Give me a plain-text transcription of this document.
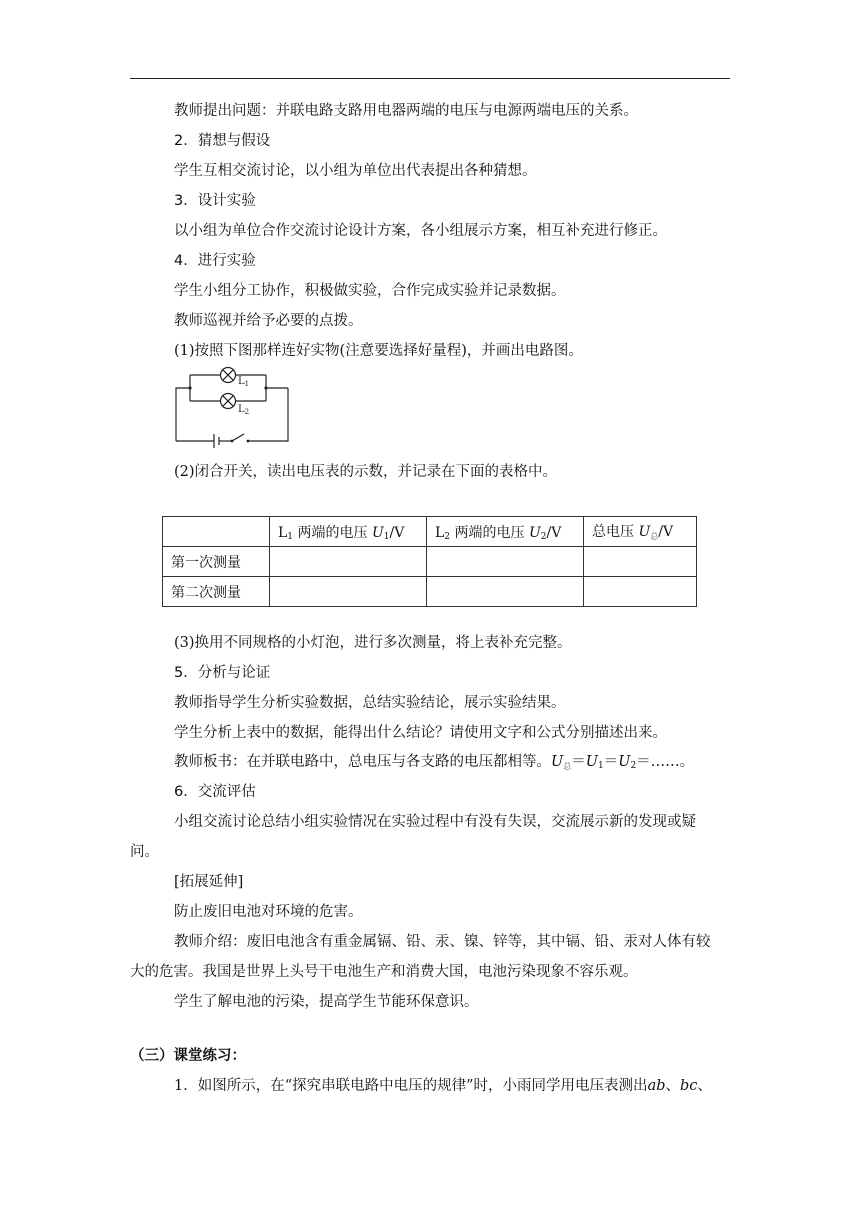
教师提出问题：并联电路支路用电器两端的电压与电源两端电压的关系。
2．猜想与假设
学生互相交流讨论，以小组为单位出代表提出各种猜想。
3．设计实验
以小组为单位合作交流讨论设计方案，各小组展示方案，相互补充进行修正。
4．进行实验
学生小组分工协作，积极做实验，合作完成实验并记录数据。
教师巡视并给予必要的点拨。
(1)按照下图那样连好实物(注意要选择好量程)，并画出电路图。
$L_1$
$L_2$
(2)闭合开关，读出电压表的示数，并记录在下面的表格中。
	$L_1$ 两端的电压 $U_1/V$	$L_2$ 两端的电压 $U_2/V$	总电压 $U_总/V$
第一次测量			
第二次测量			
(3)换用不同规格的小灯泡，进行多次测量，将上表补充完整。
5．分析与论证
教师指导学生分析实验数据，总结实验结论，展示实验结果。
学生分析上表中的数据，能得出什么结论？请使用文字和公式分别描述出来。
教师板书：在并联电路中，总电压与各支路的电压都相等。$U_总=U_1=U_2=\dots\dots$。
6．交流评估
小组交流讨论总结小组实验情况在实验过程中有没有失误，交流展示新的发现或疑
问。
[拓展延伸]
防止废旧电池对环境的危害。
教师介绍：废旧电池含有重金属镉、铅、汞、镍、锌等，其中镉、铅、汞对人体有较
大的危害。我国是世界上头号干电池生产和消费大国，电池污染现象不容乐观。
学生了解电池的污染，提高学生节能环保意识。
（三）课堂练习：
1．如图所示，在“探究串联电路中电压的规律”时，小雨同学用电压表测出ab、bc、
